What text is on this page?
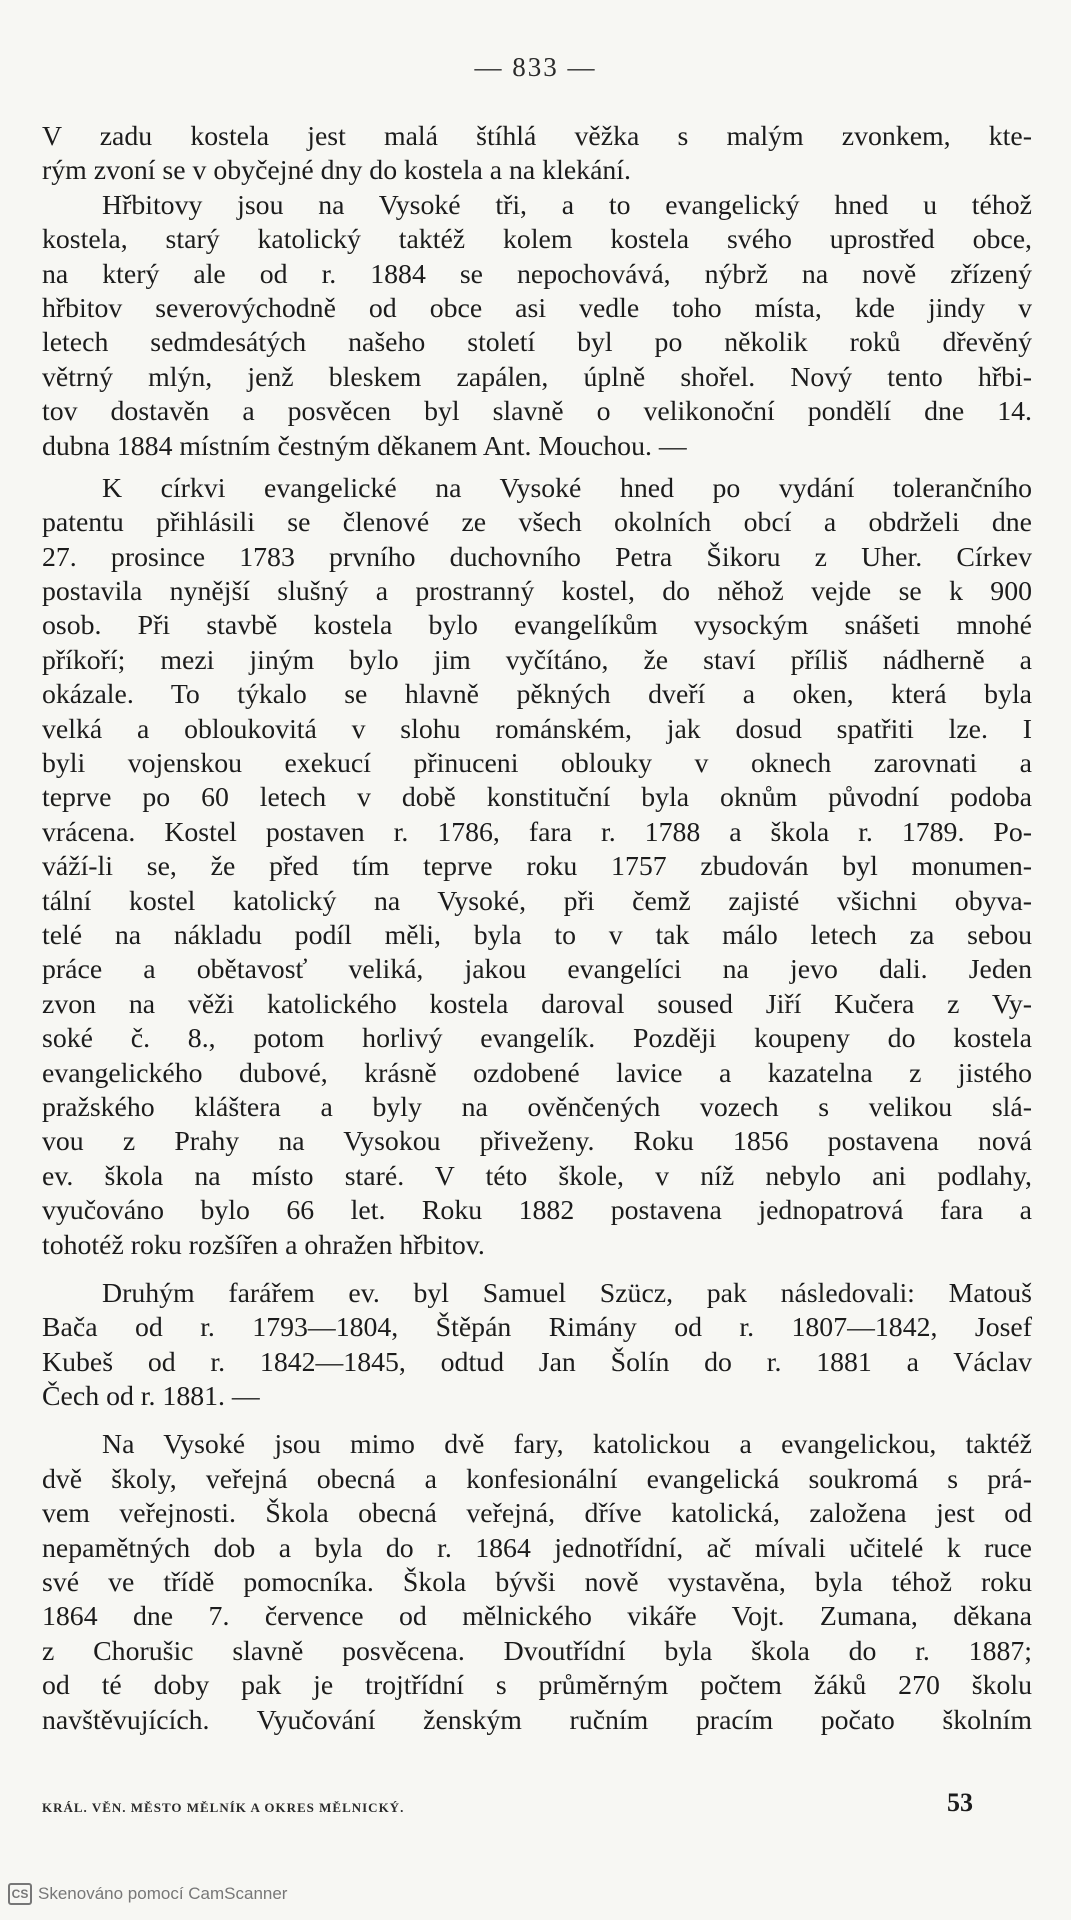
— 833 —
V zadu kostela jest malá štíhlá věžka s malým zvonkem, kte-
rým zvoní se v obyčejné dny do kostela a na klekání.
Hřbitovy jsou na Vysoké tři, a to evangelický hned u téhož
kostela, starý katolický taktéž kolem kostela svého uprostřed obce,
na který ale od r. 1884 se nepochovává, nýbrž na nově zřízený
hřbitov severovýchodně od obce asi vedle toho místa, kde jindy v
letech sedmdesátých našeho století byl po několik roků dřevěný
větrný mlýn, jenž bleskem zapálen, úplně shořel. Nový tento hřbi-
tov dostavěn a posvěcen byl slavně o velikonoční pondělí dne 14.
dubna 1884 místním čestným děkanem Ant. Mouchou. —
K církvi evangelické na Vysoké hned po vydání tolerančního
patentu přihlásili se členové ze všech okolních obcí a obdrželi dne
27. prosince 1783 prvního duchovního Petra Šikoru z Uher. Církev
postavila nynější slušný a prostranný kostel, do něhož vejde se k 900
osob. Při stavbě kostela bylo evangelíkům vysockým snášeti mnohé
příkoří; mezi jiným bylo jim vyčítáno, že staví příliš nádherně a
okázale. To týkalo se hlavně pěkných dveří a oken, která byla
velká a obloukovitá v slohu románském, jak dosud spatřiti lze. I
byli vojenskou exekucí přinuceni oblouky v oknech zarovnati a
teprve po 60 letech v době konstituční byla oknům původní podoba
vrácena. Kostel postaven r. 1786, fara r. 1788 a škola r. 1789. Po-
váží-li se, že před tím teprve roku 1757 zbudován byl monumen-
tální kostel katolický na Vysoké, při čemž zajisté všichni obyva-
telé na nákladu podíl měli, byla to v tak málo letech za sebou
práce a obětavosť veliká, jakou evangelíci na jevo dali. Jeden
zvon na věži katolického kostela daroval soused Jiří Kučera z Vy-
soké č. 8., potom horlivý evangelík. Později koupeny do kostela
evangelického dubové, krásně ozdobené lavice a kazatelna z jistého
pražského kláštera a byly na ověnčených vozech s velikou slá-
vou z Prahy na Vysokou přiveženy. Roku 1856 postavena nová
ev. škola na místo staré. V této škole, v níž nebylo ani podlahy,
vyučováno bylo 66 let. Roku 1882 postavena jednopatrová fara a
tohotéž roku rozšířen a ohražen hřbitov.
Druhým farářem ev. byl Samuel Szücz, pak následovali: Matouš
Bača od r. 1793—1804, Štěpán Rimány od r. 1807—1842, Josef
Kubeš od r. 1842—1845, odtud Jan Šolín do r. 1881 a Václav
Čech od r. 1881. —
Na Vysoké jsou mimo dvě fary, katolickou a evangelickou, taktéž
dvě školy, veřejná obecná a konfesionální evangelická soukromá s prá-
vem veřejnosti. Škola obecná veřejná, dříve katolická, založena jest od
nepamětných dob a byla do r. 1864 jednotřídní, ač mívali učitelé k ruce
své ve třídě pomocníka. Škola bývši nově vystavěna, byla téhož roku
1864 dne 7. července od mělnického vikáře Vojt. Zumana, děkana
z Chorušic slavně posvěcena. Dvoutřídní byla škola do r. 1887;
od té doby pak je trojtřídní s průměrným počtem žáků 270 školu
navštěvujících. Vyučování ženským ručním pracím počato školním
KRÁL. VĚN. MĚSTO MĚLNÍK A OKRES MĚLNICKÝ.	53
CS Skenováno pomocí CamScanner
